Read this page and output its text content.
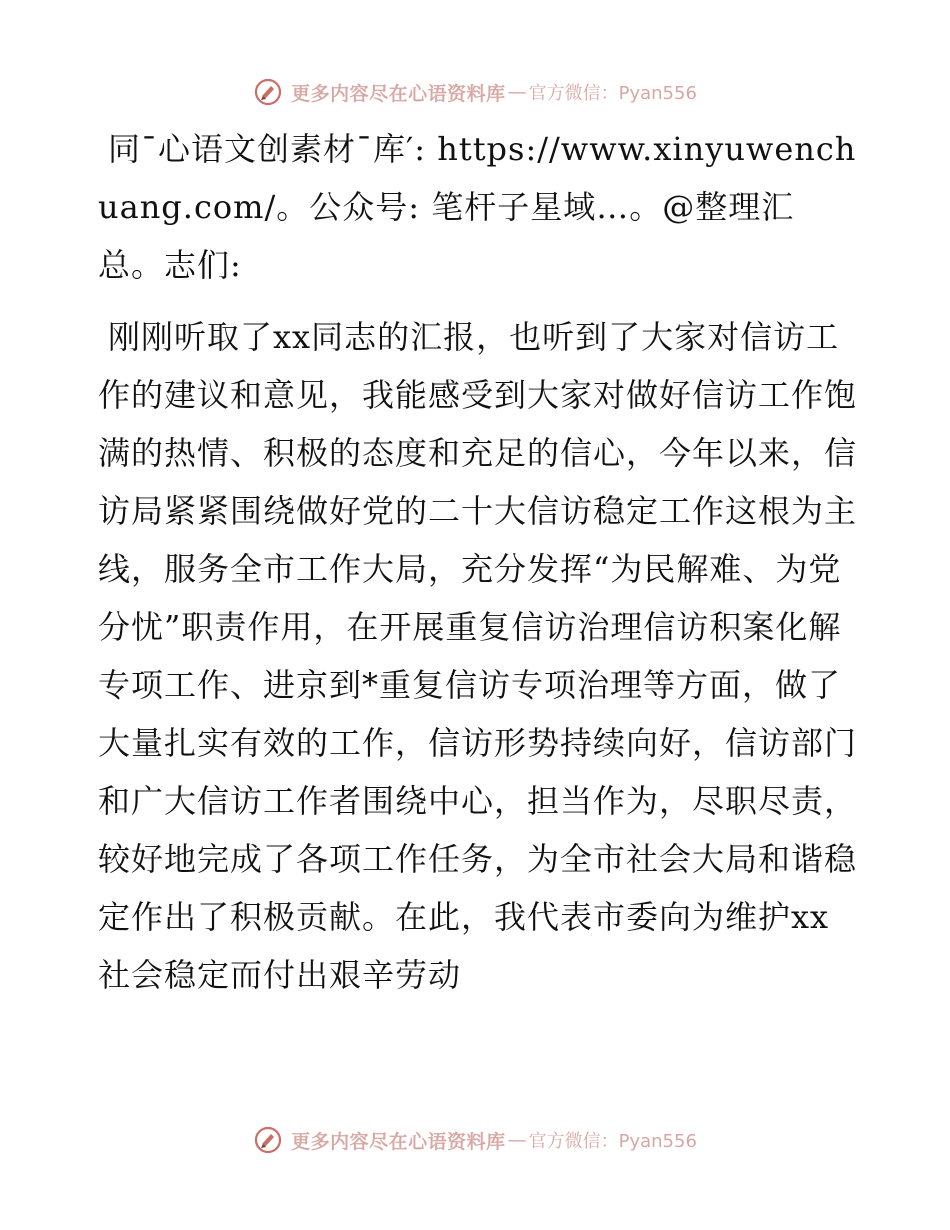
更多内容尽在心语资料库 — 官方微信：Pyan556

同¯心语文创素材¯库′: https://www.xinyuwenchuang.com/。公众号: 笔杆子星域…。@整理汇总。志们:

刚刚听取了xx同志的汇报，也听到了大家对信访工作的建议和意见，我能感受到大家对做好信访工作饱满的热情、积极的态度和充足的信心，今年以来，信访局紧紧围绕做好党的二十大信访稳定工作这根为主线，服务全市工作大局，充分发挥“为民解难、为党分忧”职责作用，在开展重复信访治理信访积案化解专项工作、进京到*重复信访专项治理等方面，做了大量扎实有效的工作，信访形势持续向好，信访部门和广大信访工作者围绕中心，担当作为，尽职尽责，较好地完成了各项工作任务，为全市社会大局和谐稳定作出了积极贡献。在此，我代表市委向为维护xx社会稳定而付出艰辛劳动

更多内容尽在心语资料库 — 官方微信：Pyan556
